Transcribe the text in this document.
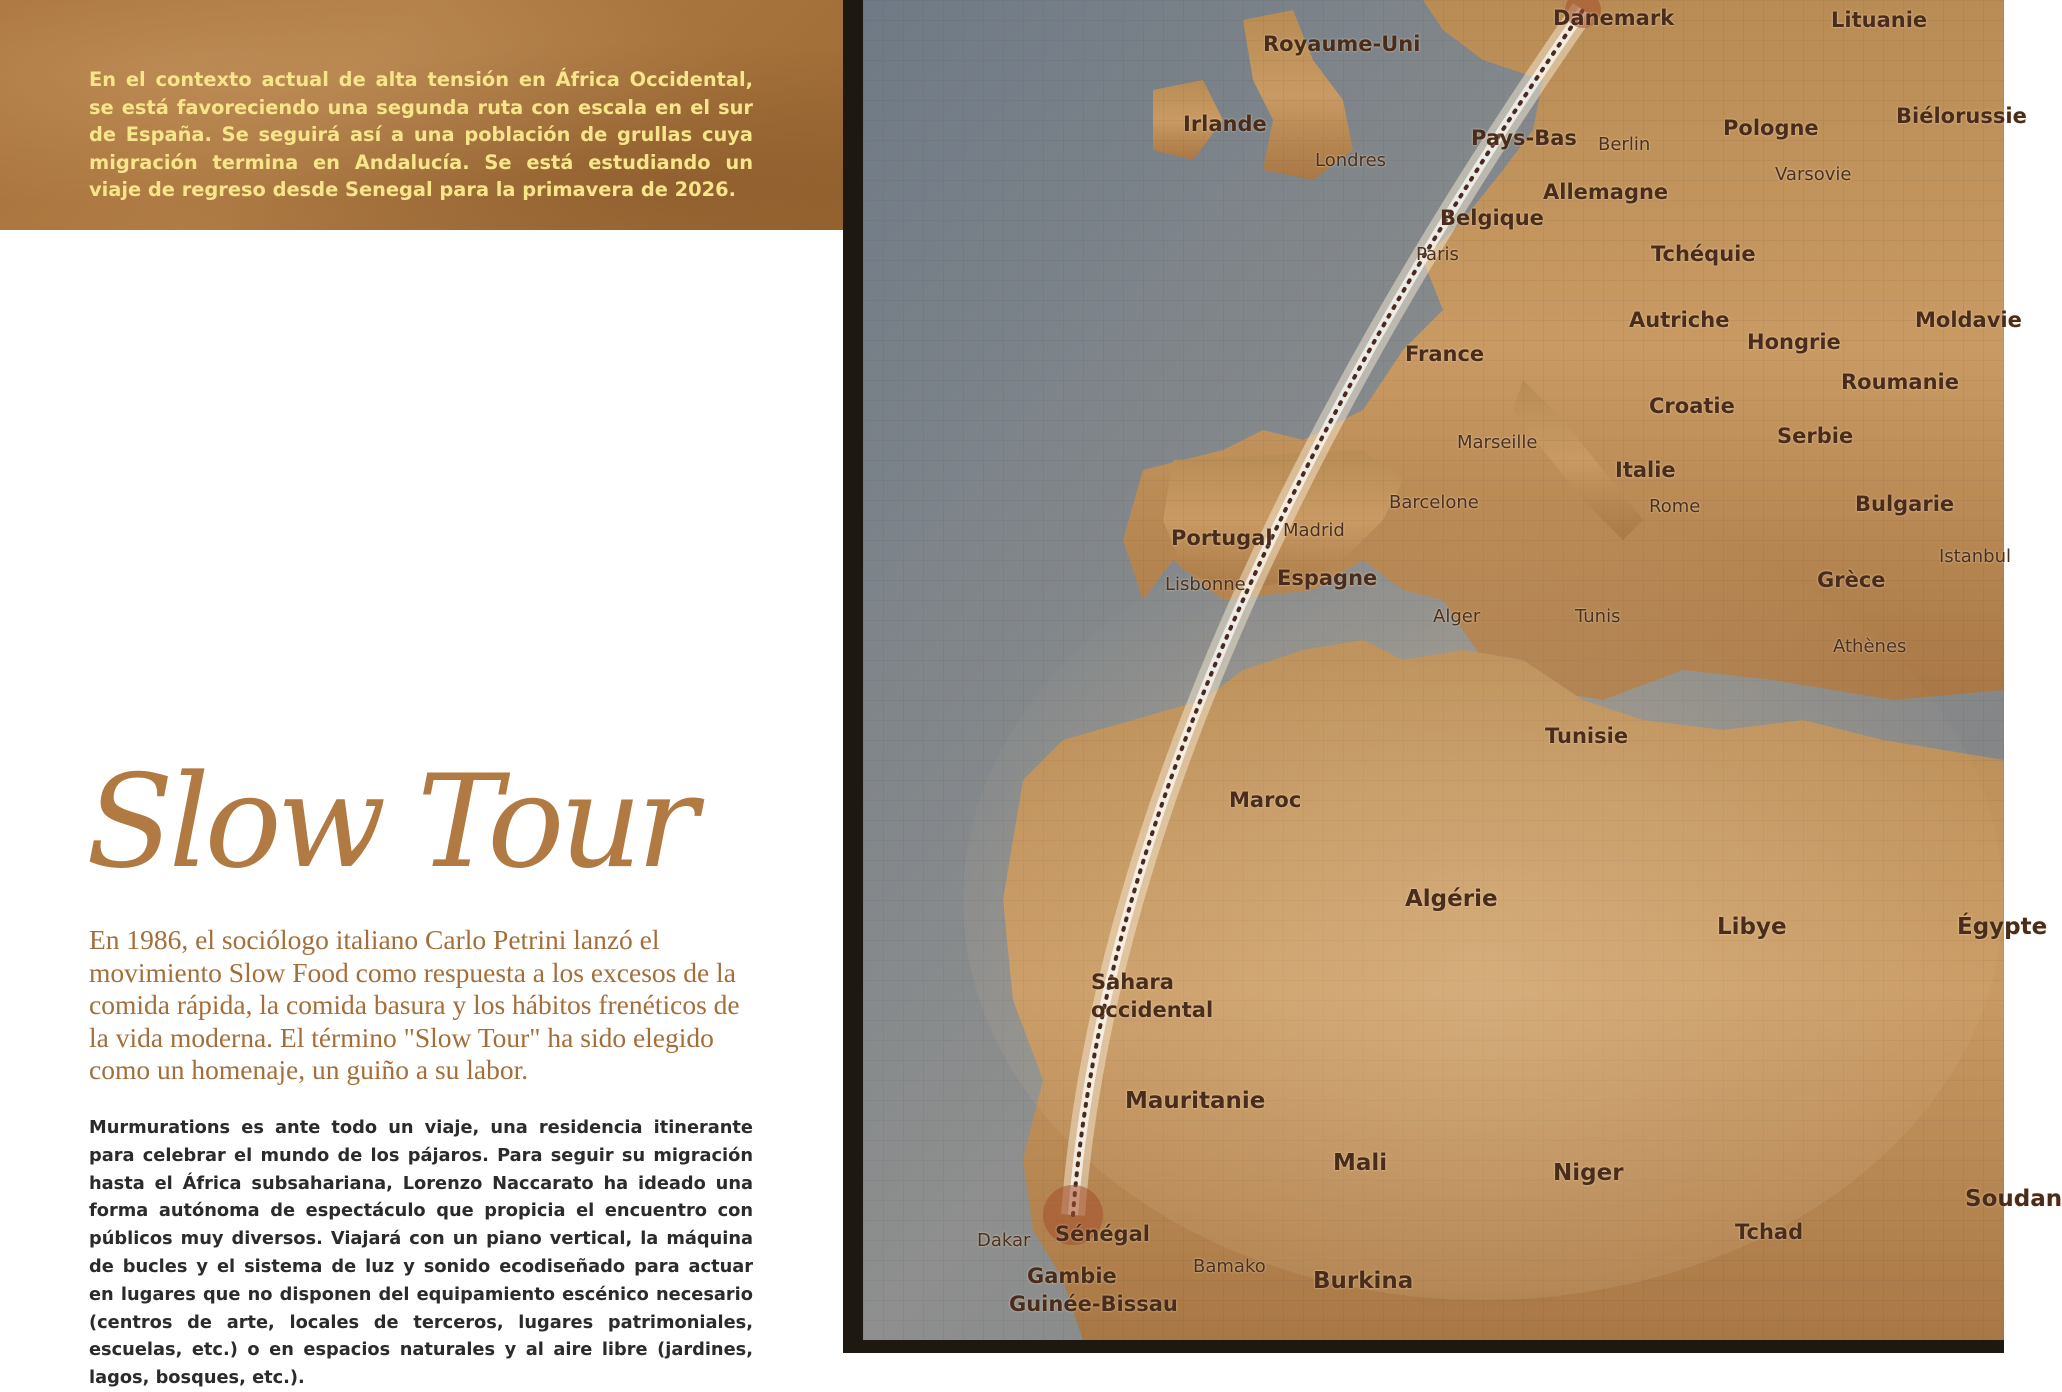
En el contexto actual de alta tensión en África Occidental, se está favoreciendo una segunda ruta con escala en el sur de España. Se seguirá así a una población de grullas cuya migración termina en Andalucía. Se está estudiando un viaje de regreso desde Senegal para la primavera de 2026.

Slow Tour

En 1986, el sociólogo italiano Carlo Petrini lanzó el movimiento Slow Food como respuesta a los excesos de la comida rápida, la comida basura y los hábitos frenéticos de la vida moderna. El término "Slow Tour" ha sido elegido como un homenaje, un guiño a su labor.

Murmurations es ante todo un viaje, una residencia itinerante para celebrar el mundo de los pájaros. Para seguir su migración hasta el África subsahariana, Lorenzo Naccarato ha ideado una forma autónoma de espectáculo que propicia el encuentro con públicos muy diversos. Viajará con un piano vertical, la máquina de bucles y el sistema de luz y sonido ecodiseñado para actuar en lugares que no disponen del equipamiento escénico necesario (centros de arte, locales de terceros, lugares patrimoniales, escuelas, etc.) o en espacios naturales y al aire libre (jardines, lagos, bosques, etc.).

Danemark	Lituanie
Royaume-Uni
Irlande	Biélorussie
Pays-Bas Berlin
Pologne
Londres
Varsovie
Allemagne
Belgique
Paris	Tchéquie
Autriche
Hongrie
Moldavie
France
Roumanie
Croatie
Serbie
Marseille
Italie
Bulgarie
Barcelone	Rome
Portugal Madrid
Istanbul
Lisbonne Espagne	Grèce
Alger	Tunis
Athènes
Tunisie
Maroc
Algérie
Libye	Égypte
Sahara occidental
Mauritanie
Mali	Niger
Soudan
Dakar Sénégal	Tchad
Gambie	Bamako
Burkina
Guinée-Bissau
